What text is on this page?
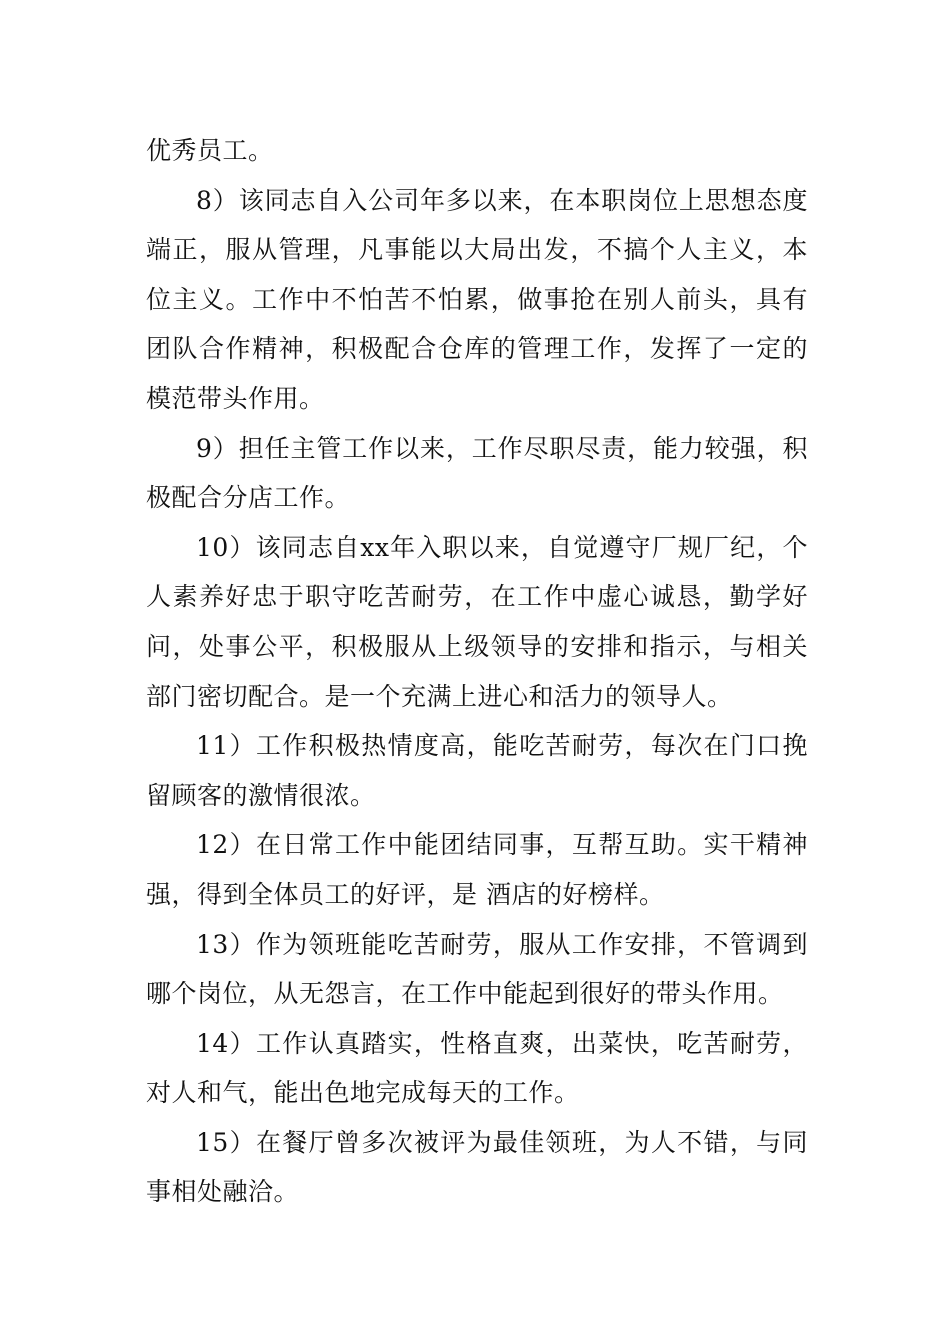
优秀员工。

8）该同志自入公司年多以来，在本职岗位上思想态度端正，服从管理，凡事能以大局出发，不搞个人主义，本位主义。工作中不怕苦不怕累，做事抢在别人前头，具有团队合作精神，积极配合仓库的管理工作，发挥了一定的模范带头作用。

9）担任主管工作以来，工作尽职尽责，能力较强，积极配合分店工作。

10）该同志自xx年入职以来，自觉遵守厂规厂纪，个人素养好忠于职守吃苦耐劳，在工作中虚心诚恳，勤学好问，处事公平，积极服从上级领导的安排和指示，与相关部门密切配合。是一个充满上进心和活力的领导人。

11）工作积极热情度高，能吃苦耐劳，每次在门口挽留顾客的激情很浓。

12）在日常工作中能团结同事，互帮互助。实干精神强，得到全体员工的好评，是 酒店的好榜样。

13）作为领班能吃苦耐劳，服从工作安排，不管调到哪个岗位，从无怨言，在工作中能起到很好的带头作用。

14）工作认真踏实，性格直爽，出菜快，吃苦耐劳，对人和气，能出色地完成每天的工作。

15）在餐厅曾多次被评为最佳领班，为人不错，与同事相处融洽。
